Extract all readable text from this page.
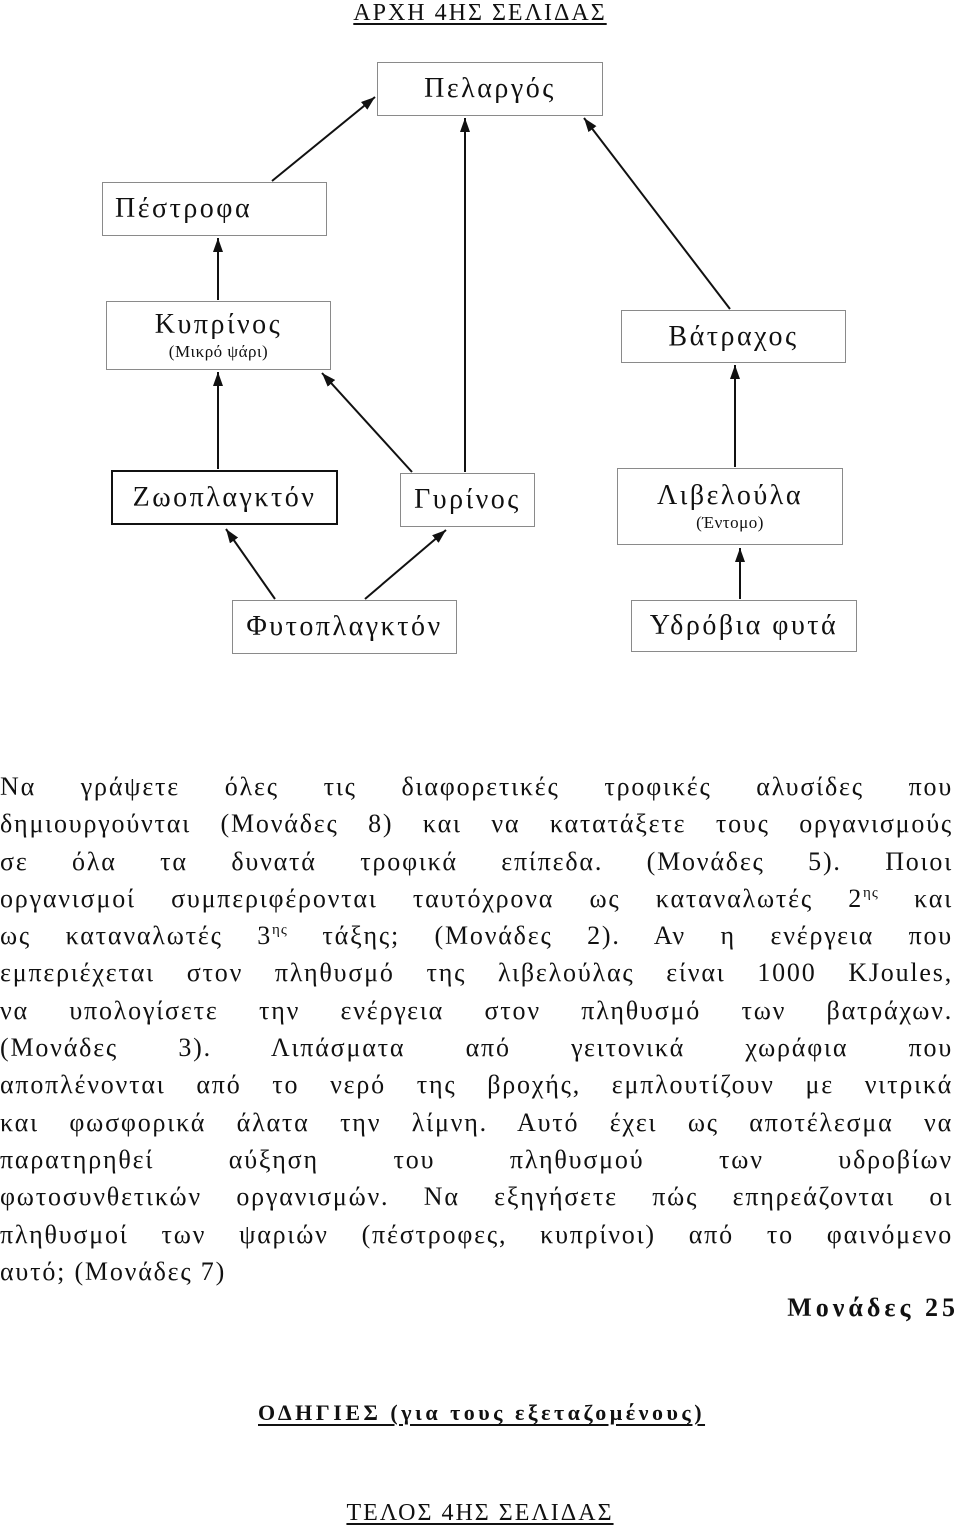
ΑΡΧΗ 4ΗΣ ΣΕΛΙΔΑΣ
Πελαργός
Πέστροφα
Κυπρίνος
(Μικρό ψάρι)	Βάτραχος
Ζωοπλαγκτόν	Γυρίνος	Λιβελούλα
(Έντομο)
Φυτοπλαγκτόν	Υδρόβια φυτά
Να γράψετε όλες τις διαφορετικές τροφικές αλυσίδες που
δημιουργούνται (Μονάδες 8) και να κατατάξετε τους οργανισμούς
σε όλα τα δυνατά τροφικά επίπεδα. (Μονάδες 5). Ποιοι
οργανισμοί συμπεριφέρονται ταυτόχρονα ως καταναλωτές $2^{\eta\varsigma}$ και
ως καταναλωτές $3^{\eta\varsigma}$ τάξης; (Μονάδες 2). Αν η ενέργεια που
εμπεριέχεται στον πληθυσμό της λιβελούλας είναι 1000 KJoules,
να υπολογίσετε την ενέργεια στον πληθυσμό των βατράχων.
(Μονάδες 3). Λιπάσματα από γειτονικά χωράφια που
αποπλένονται από το νερό της βροχής, εμπλουτίζουν με νιτρικά
και φωσφορικά άλατα την λίμνη. Αυτό έχει ως αποτέλεσμα να
παρατηρηθεί αύξηση του πληθυσμού των υδροβίων
φωτοσυνθετικών οργανισμών. Να εξηγήσετε πώς επηρεάζονται οι
πληθυσμοί των ψαριών (πέστροφες, κυπρίνοι) από το φαινόμενο
αυτό; (Μονάδες 7)
Μονάδες 25
ΟΔΗΓΙΕΣ (για τους εξεταζομένους)
ΤΕΛΟΣ 4ΗΣ ΣΕΛΙΔΑΣ
